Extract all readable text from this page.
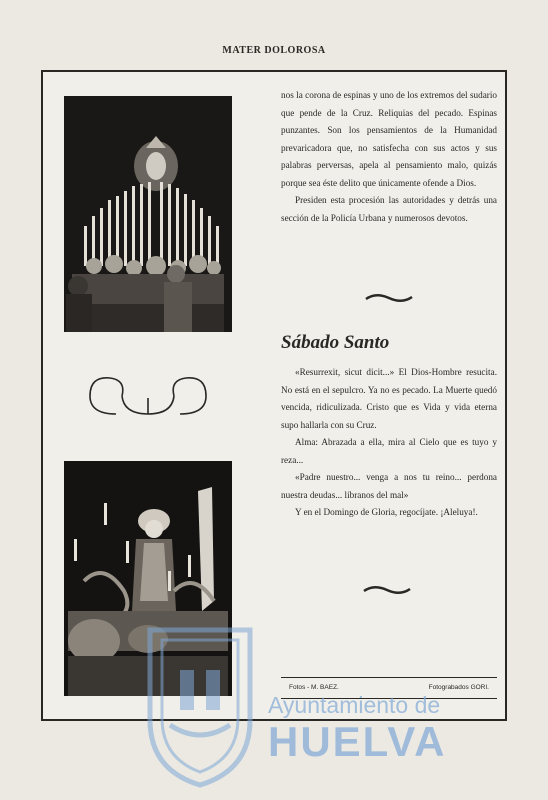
MATER DOLOROSA

nos la corona de espinas y uno de los extremos del sudario que pende de la Cruz. Reliquias del pecado. Espinas punzantes. Son los pensamientos de la Humanidad prevaricadora que, no satisfecha con sus actos y sus palabras perversas, apela al pensamiento malo, quizás porque sea éste delito que únicamente ofende a Dios.

Presiden esta procesión las autoridades y detrás una sección de la Policía Urbana y numerosos devotos.

Sábado Santo

«Resurrexit, sicut dicit...» El Dios-Hombre resucita. No está en el sepulcro. Ya no es pecado. La Muerte quedó vencida, ridiculizada. Cristo que es Vida y vida eterna supo hallarla con su Cruz.

Alma: Abrazada a ella, mira al Cielo que es tuyo y reza...

«Padre nuestro... venga a nos tu reino... perdona nuestra deudas... líbranos del mal»

Y en el Domingo de Gloria, regocíjate. ¡Aleluya!.

Fotos - M. BAEZ.	Fotograbados GORI.
Ayuntamiento de
HUELVA
